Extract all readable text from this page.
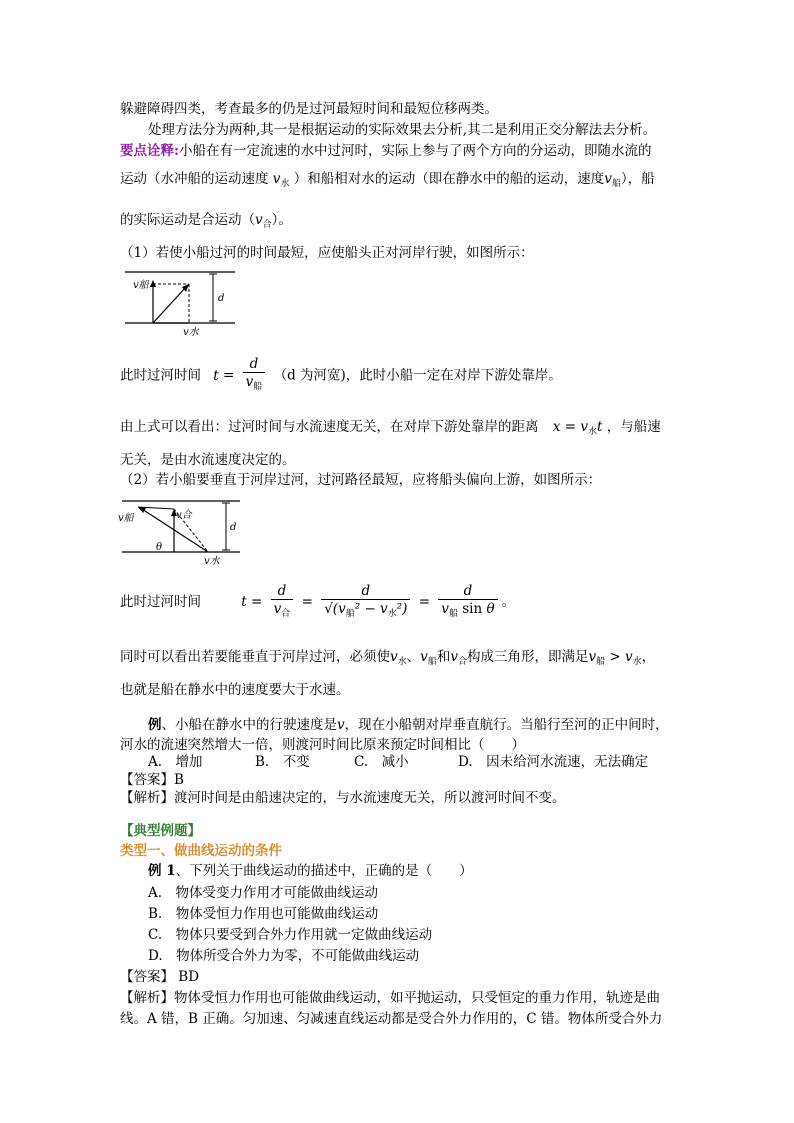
躲避障碍四类，考查最多的仍是过河最短时间和最短位移两类。
处理方法分为两种,其一是根据运动的实际效果去分析,其二是利用正交分解法去分析。
要点诠释:小船在有一定流速的水中过河时，实际上参与了两个方向的分运动，即随水流的
运动（水冲船的运动速度 $v_水$ ）和船相对水的运动（即在静水中的船的运动，速度$v_船$），船
的实际运动是合运动$(v_合)$。
（1）若使小船过河的时间最短，应使船头正对河岸行驶，如图所示：
v船
v水
d
此时过河时间 $t = \frac{d}{v_船} (d$ 为河宽)，此时小船一定在对岸下游处靠岸。
由上式可以看出：过河时间与水流速度无关，在对岸下游处靠岸的距离 $x = v_水t$ ，与船速
无关，是由水流速度决定的。
（2）若小船要垂直于河岸过河，过河路径最短，应将船头偏向上游，如图所示：
v船	v合
v水
d
θ
此时过河时间	$t = \frac{d}{v_合} = \frac{d}{√(v_船^2 - v_水^2)} = \frac{d}{v_船 \sin \theta}$ 。
同时可以看出若要能垂直于河岸过河，必须使$v_水$、$v_船$和$v_合$构成三角形，即满足$v_船 > v_水$，
也就是船在静水中的速度要大于水速。
例、小船在静水中的行驶速度是v，现在小船朝对岸垂直航行。当船行至河的正中间时，
河水的流速突然增大一倍，则渡河时间比原来预定时间相比（　　）
A.　增加	B.　不变	C.　减小	D.　因未给河水流速，无法确定
【答案】B
【解析】渡河时间是由船速决定的，与水流速度无关，所以渡河时间不变。
【典型例题】
类型一、做曲线运动的条件
例 1、下列关于曲线运动的描述中，正确的是（　　）
A.　物体受变力作用才可能做曲线运动
B.　物体受恒力作用也可能做曲线运动
C.　物体只要受到合外力作用就一定做曲线运动
D.　物体所受合外力为零，不可能做曲线运动
【答案】 BD
【解析】物体受恒力作用也可能做曲线运动，如平抛运动，只受恒定的重力作用，轨迹是曲
线。A 错，B 正确。匀加速、匀减速直线运动都是受合外力作用的，C 错。物体所受合外力
